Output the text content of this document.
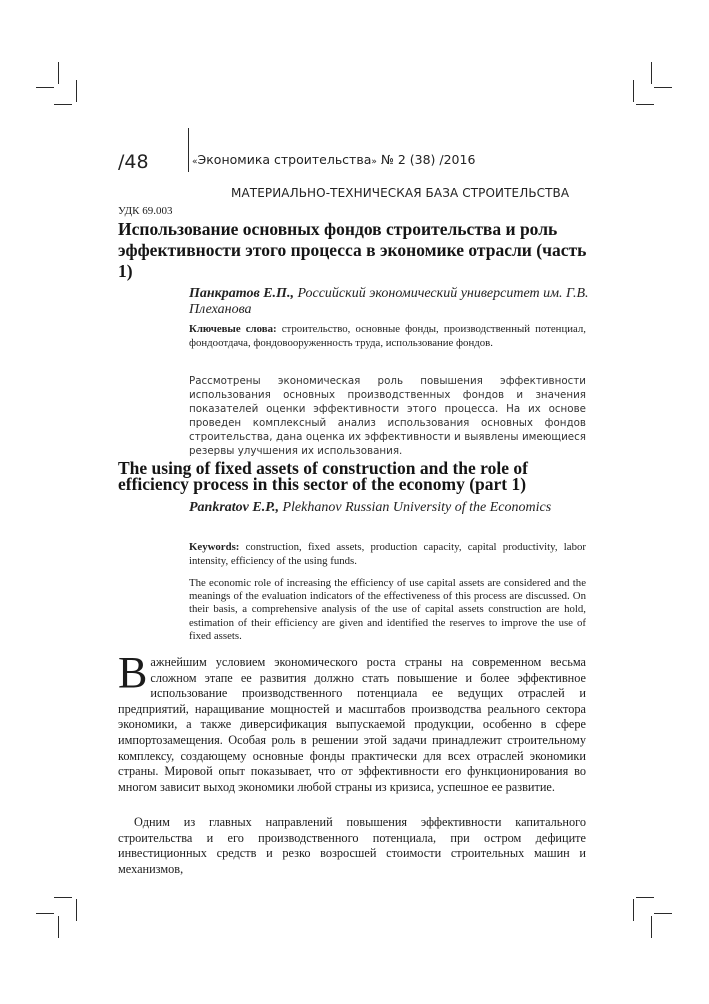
/48	«Экономика строительства» № 2 (38) /2016
МАТЕРИАЛЬНО-ТЕХНИЧЕСКАЯ БАЗА СТРОИТЕЛЬСТВА
УДК 69.003
Использование основных фондов строительства и роль эффективности этого процесса в экономике отрасли (часть 1)
Панкратов Е.П., Российский экономический университет им. Г.В. Плеханова
Ключевые слова: строительство, основные фонды, производственный потенциал, фондоотдача, фондовооруженность труда, использование фондов.
Рассмотрены экономическая роль повышения эффективности использования основных производственных фондов и значения показателей оценки эффективности этого процесса. На их основе проведен комплексный анализ использования основных фондов строительства, дана оценка их эффективности и выявлены имеющиеся резервы улучшения их использования.
The using of fixed assets of construction and the role of efficiency process in this sector of the economy (part 1)
Pankratov E.P., Plekhanov Russian University of the Economics
Keywords: construction, fixed assets, production capacity, capital productivity, labor intensity, efficiency of the using funds.
The economic role of increasing the efficiency of use capital assets are considered and the meanings of the evaluation indicators of the effectiveness of this process are discussed. On their basis, a comprehensive analysis of the use of capital assets construction are hold, estimation of their efficiency are given and identified the reserves to improve the use of fixed assets.
Важнейшим условием экономического роста страны на современном весьма сложном этапе ее развития должно стать повышение и более эффективное использование производственного потенциала ее ведущих отраслей и предприятий, наращивание мощностей и масштабов производства реального сектора экономики, а также диверсификация выпускаемой продукции, особенно в сфере импортозамещения. Особая роль в решении этой задачи принадлежит строительному комплексу, создающему основные фонды практически для всех отраслей экономики страны. Мировой опыт показывает, что от эффективности его функционирования во многом зависит выход экономики любой страны из кризиса, успешное ее развитие.
Одним из главных направлений повышения эффективности капитального строительства и его производственного потенциала, при остром дефиците инвестиционных средств и резко возросшей стоимости строительных машин и механизмов,
